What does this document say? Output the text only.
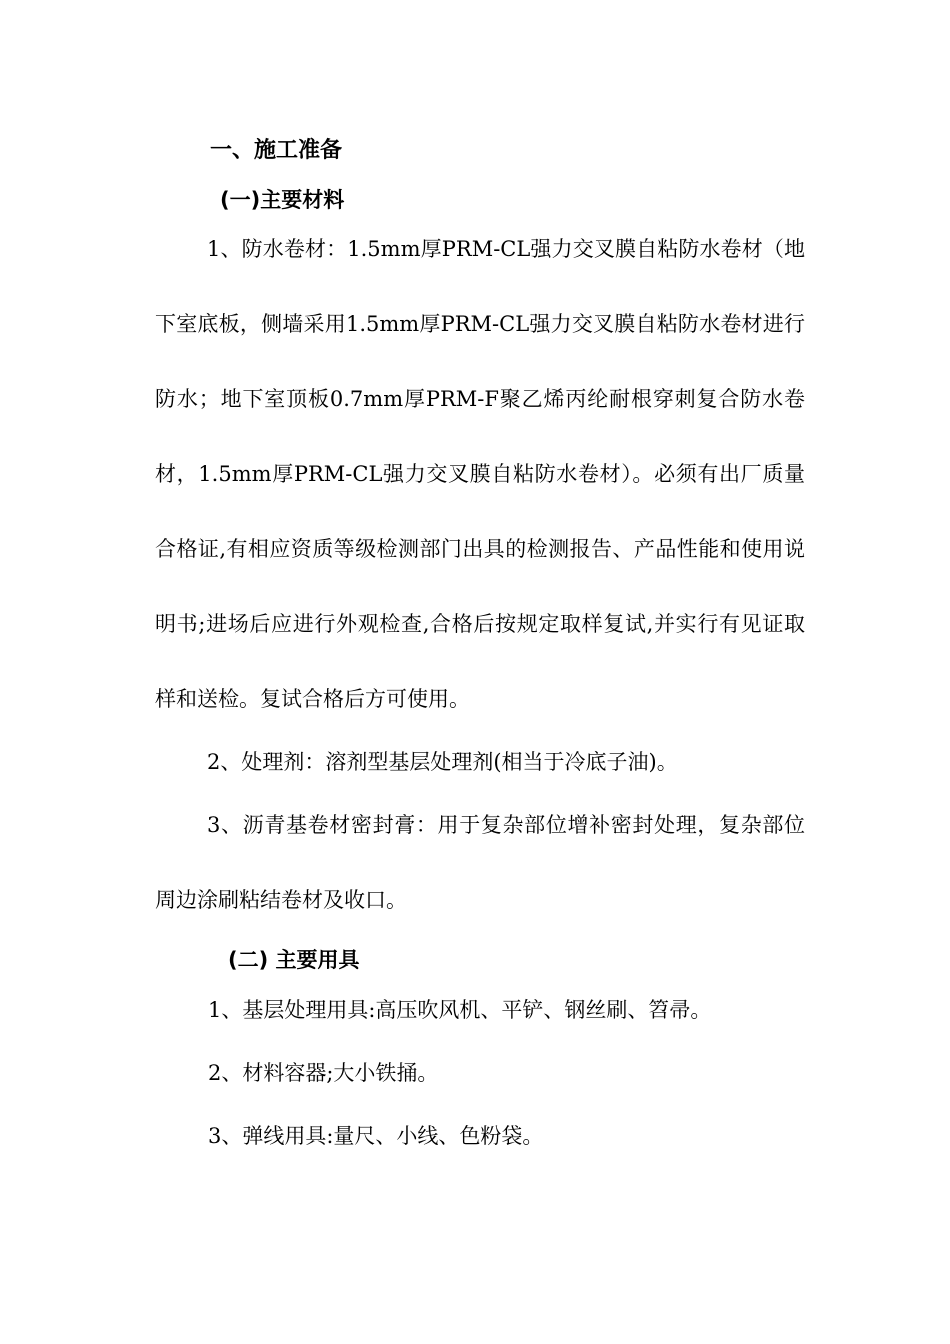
一、施工准备
(一)主要材料

1、防水卷材：1.5mm厚PRM-CL强力交叉膜自粘防水卷材（地下室底板，侧墙采用1.5mm厚PRM-CL强力交叉膜自粘防水卷材进行防水；地下室顶板0.7mm厚PRM-F聚乙烯丙纶耐根穿刺复合防水卷材，1.5mm厚PRM-CL强力交叉膜自粘防水卷材）。必须有出厂质量合格证,有相应资质等级检测部门出具的检测报告、产品性能和使用说明书;进场后应进行外观检查,合格后按规定取样复试,并实行有见证取样和送检。复试合格后方可使用。

2、处理剂：溶剂型基层处理剂(相当于冷底子油)。

3、沥青基卷材密封膏：用于复杂部位增补密封处理，复杂部位周边涂刷粘结卷材及收口。

(二) 主要用具

1、基层处理用具:高压吹风机、平铲、钢丝刷、笤帚。

2、材料容器;大小铁捅。

3、弹线用具:量尺、小线、色粉袋。
